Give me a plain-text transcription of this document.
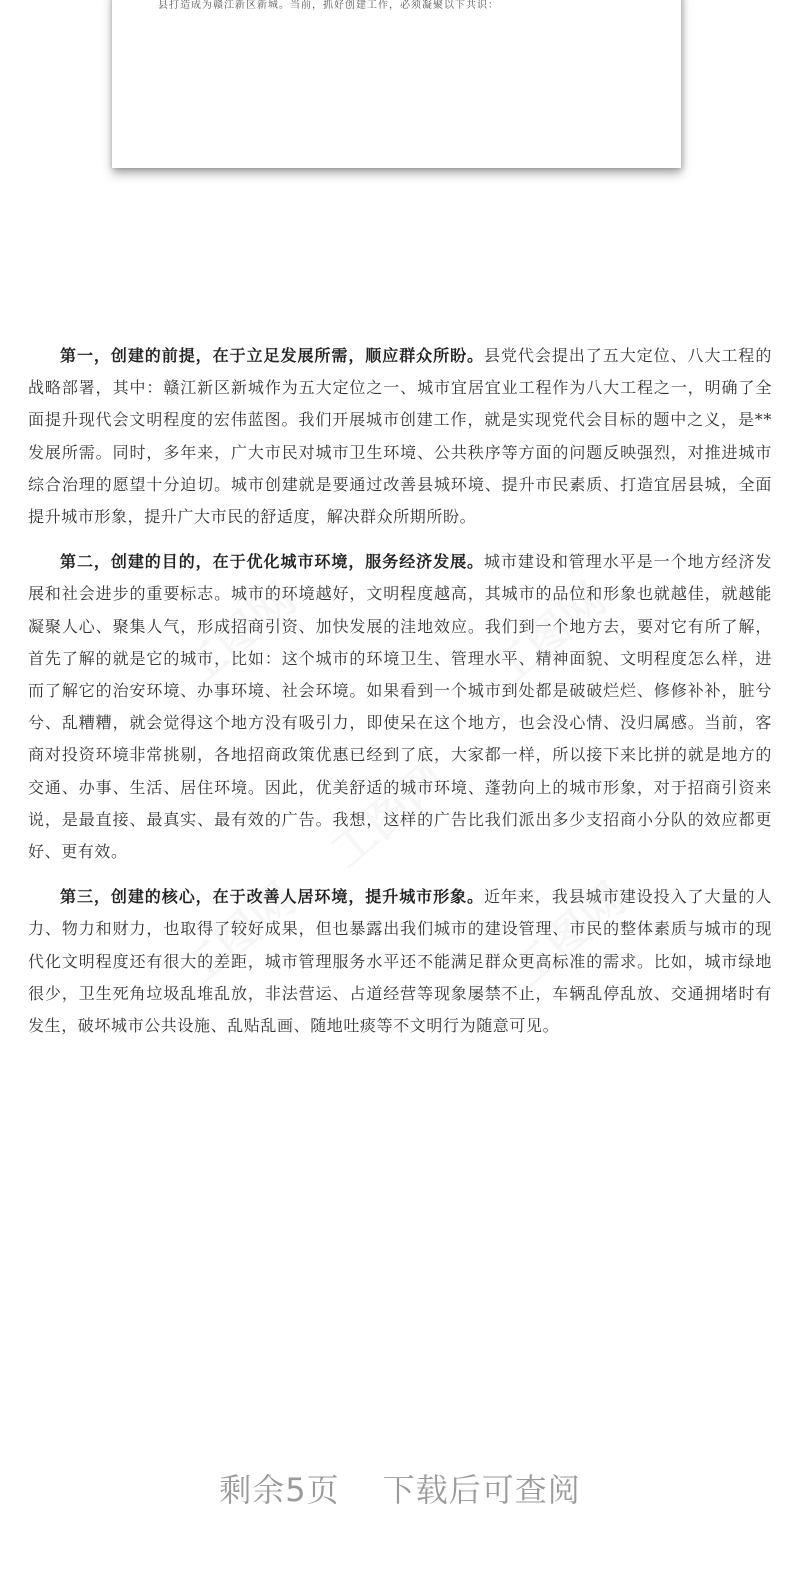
县打造成为赣江新区新城。当前，抓好创建工作，必须凝聚以下共识：

第一，创建的前提，在于立足发展所需，顺应群众所盼。县党代会提出了五大定位、八大工程的战略部署，其中：赣江新区新城作为五大定位之一、城市宜居宜业工程作为八大工程之一，明确了全面提升现代会文明程度的宏伟蓝图。我们开展城市创建工作，就是实现党代会目标的题中之义，是**发展所需。同时，多年来，广大市民对城市卫生环境、公共秩序等方面的问题反映强烈，对推进城市综合治理的愿望十分迫切。城市创建就是要通过改善县城环境、提升市民素质、打造宜居县城，全面提升城市形象，提升广大市民的舒适度，解决群众所期所盼。

第二，创建的目的，在于优化城市环境，服务经济发展。城市建设和管理水平是一个地方经济发展和社会进步的重要标志。城市的环境越好，文明程度越高，其城市的品位和形象也就越佳，就越能凝聚人心、聚集人气，形成招商引资、加快发展的洼地效应。我们到一个地方去，要对它有所了解，首先了解的就是它的城市，比如：这个城市的环境卫生、管理水平、精神面貌、文明程度怎么样，进而了解它的治安环境、办事环境、社会环境。如果看到一个城市到处都是破破烂烂、修修补补，脏兮兮、乱糟糟，就会觉得这个地方没有吸引力，即使呆在这个地方，也会没心情、没归属感。当前，客商对投资环境非常挑剔，各地招商政策优惠已经到了底，大家都一样，所以接下来比拼的就是地方的交通、办事、生活、居住环境。因此，优美舒适的城市环境、蓬勃向上的城市形象，对于招商引资来说，是最直接、最真实、最有效的广告。我想，这样的广告比我们派出多少支招商小分队的效应都更好、更有效。

第三，创建的核心，在于改善人居环境，提升城市形象。近年来，我县城市建设投入了大量的人力、物力和财力，也取得了较好成果，但也暴露出我们城市的建设管理、市民的整体素质与城市的现代化文明程度还有很大的差距，城市管理服务水平还不能满足群众更高标准的需求。比如，城市绿地很少，卫生死角垃圾乱堆乱放，非法营运、占道经营等现象屡禁不止，车辆乱停乱放、交通拥堵时有发生，破坏城市公共设施、乱贴乱画、随地吐痰等不文明行为随意可见。

剩余5页 下载后可查阅
